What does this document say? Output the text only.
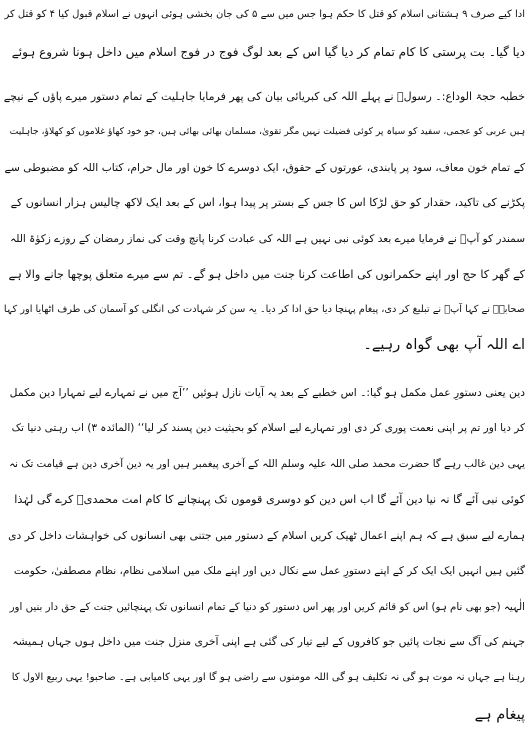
ادا کیے صرف ۹ ہشتانی اسلام کو قتل کا حکم ہوا جس میں سے ۵ کی جان بخشی ہوئی انہوں نے اسلام قبول کیا ۴ کو قتل کر
دیا گیا۔ بت پرستی کا کام تمام کر دیا گیا اس کے بعد لوگ فوج در فوج اسلام میں داخل ہونا شروع ہوئے
خطبہ حجۃ الوداع:۔ رسولؐ نے پہلے اللہ کی کبریائی بیان کی پھر فرمایا جاہلیت کے تمام دستور میرے پاؤں کے نیچے
ہیں عربی کو عجمی، سفید کو سیاہ پر کوئی فضیلت نہیں مگر تقویٰ، مسلمان بھائی بھائی ہیں، جو خود کھاؤ غلاموں کو کھلاؤ، جاہلیت
کے تمام خون معاف، سود پر پابندی، عورتوں کے حقوق، ایک دوسرے کا خون اور مال حرام، کتاب اللہ کو مضبوطی سے
پکڑنے کی تاکید، حقدار کو حق لڑکا اس کا جس کے بستر پر پیدا ہوا، اس کے بعد ایک لاکھ چالیس ہزار انسانوں کے
سمندر کو آپؐ نے فرمایا میرے بعد کوئی نبی نہیں ہے اللہ کی عبادت کرنا پانچ وقت کی نماز رمضان کے روزے زکوٰۃ اللہ
کے گھر کا حج اور اپنے حکمرانوں کی اطاعت کرنا جنت میں داخل ہو گے۔ تم سے میرے متعلق پوچھا جانے والا ہے
صحابہؓ نے کہا آپؐ نے تبلیغ کر دی، پیغام پہنچا دیا حق ادا کر دیا۔ یہ سن کر شہادت کی انگلی کو آسمان کی طرف اٹھایا اور کہا
اے اللہ آپ بھی گواہ رہیے۔
دین یعنی دستورِ عمل مکمل ہو گیا:۔ اس خطبے کے بعد یہ آیات نازل ہوئیں ’’آج میں نے تمہارے لیے تمہارا دین مکمل
کر دیا اور تم پر اپنی نعمت پوری کر دی اور تمہارے لیے اسلام کو بحیثیت دین پسند کر لیا‘‘ (المائدہ ۳) اب رہتی دنیا تک
یہی دین غالب رہے گا حضرت محمد صلی اللہ علیہ وسلم اللہ کے آخری پیغمبر ہیں اور یہ دین آخری دین ہے قیامت تک نہ
کوئی نبی آئے گا نہ نیا دین آئے گا اب اس دین کو دوسری قوموں تک پہنچانے کا کام امت محمدیؐ کرے گی لہٰذا
ہمارے لیے سبق ہے کہ ہم اپنے اعمال ٹھیک کریں اسلام کے دستور میں جتنی بھی انسانوں کی خواہشات داخل کر دی
گئیں ہیں انہیں ایک ایک کر کے اپنے دستورِ عمل سے نکال دیں اور اپنے ملک میں اسلامی نظام، نظام مصطفیٰ، حکومت
الٰہیہ (جو بھی نام ہو) اس کو قائم کریں اور پھر اس دستور کو دنیا کے تمام انسانوں تک پہنچائیں جنت کے حق دار بنیں اور
جہنم کی آگ سے نجات پائیں جو کافروں کے لیے تیار کی گئی ہے اپنی آخری منزل جنت میں داخل ہوں جہاں ہمیشہ
رہنا ہے جہاں نہ موت ہو گی نہ تکلیف ہو گی اللہ مومنوں سے راضی ہو گا اور یہی کامیابی ہے۔ صاحبو! یہی ربیع الاول کا
پیغام ہے
